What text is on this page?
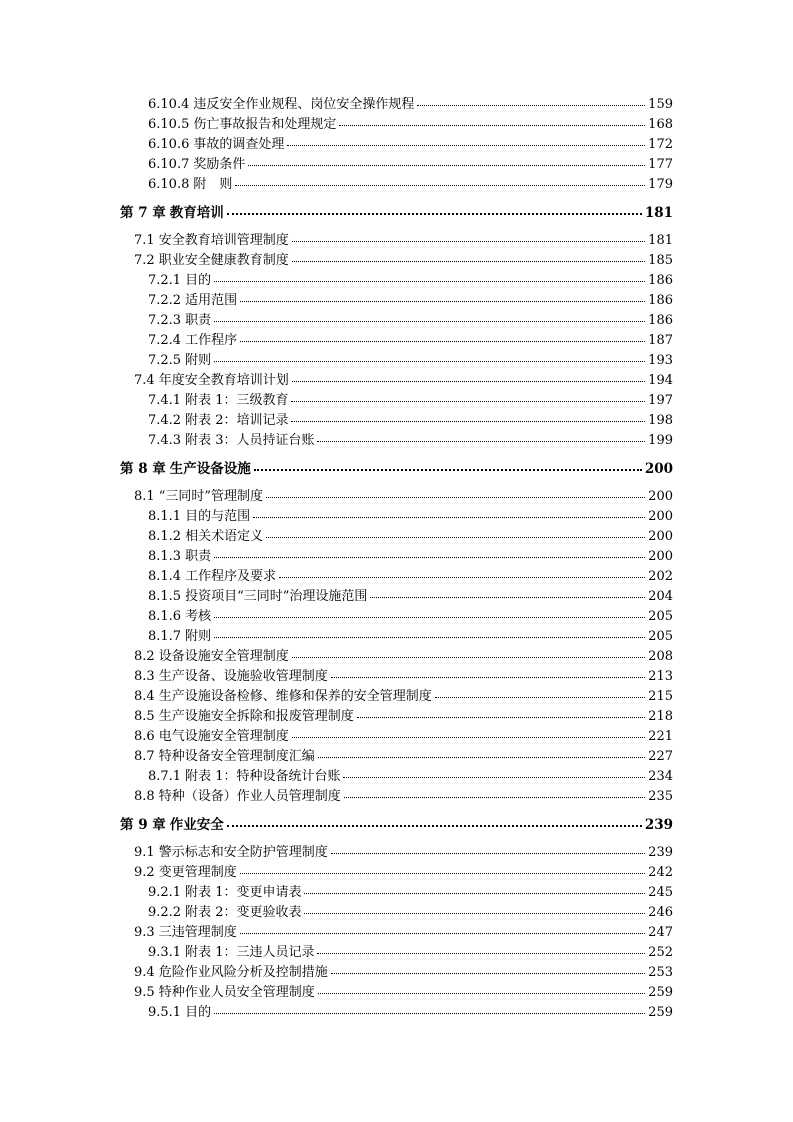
6.10.4 违反安全作业规程、岗位安全操作规程	159
6.10.5 伤亡事故报告和处理规定	168
6.10.6 事故的调查处理	172
6.10.7 奖励条件	177
6.10.8 附　则	179
第 7 章 教育培训	181
7.1 安全教育培训管理制度	181
7.2 职业安全健康教育制度	185
7.2.1 目的	186
7.2.2 适用范围	186
7.2.3 职责	186
7.2.4 工作程序	187
7.2.5 附则	193
7.4 年度安全教育培训计划	194
7.4.1 附表 1：三级教育	197
7.4.2 附表 2：培训记录	198
7.4.3 附表 3：人员持证台账	199
第 8 章 生产设备设施	200
8.1 “三同时”管理制度	200
8.1.1 目的与范围	200
8.1.2 相关术语定义	200
8.1.3 职责	200
8.1.4 工作程序及要求	202
8.1.5 投资项目“三同时”治理设施范围	204
8.1.6 考核	205
8.1.7 附则	205
8.2 设备设施安全管理制度	208
8.3 生产设备、设施验收管理制度	213
8.4 生产设施设备检修、维修和保养的安全管理制度	215
8.5 生产设施安全拆除和报废管理制度	218
8.6 电气设施安全管理制度	221
8.7 特种设备安全管理制度汇编	227
8.7.1 附表 1：特种设备统计台账	234
8.8 特种（设备）作业人员管理制度	235
第 9 章 作业安全	239
9.1 警示标志和安全防护管理制度	239
9.2 变更管理制度	242
9.2.1 附表 1：变更申请表	245
9.2.2 附表 2：变更验收表	246
9.3 三违管理制度	247
9.3.1 附表 1：三违人员记录	252
9.4 危险作业风险分析及控制措施	253
9.5 特种作业人员安全管理制度	259
9.5.1 目的	259
